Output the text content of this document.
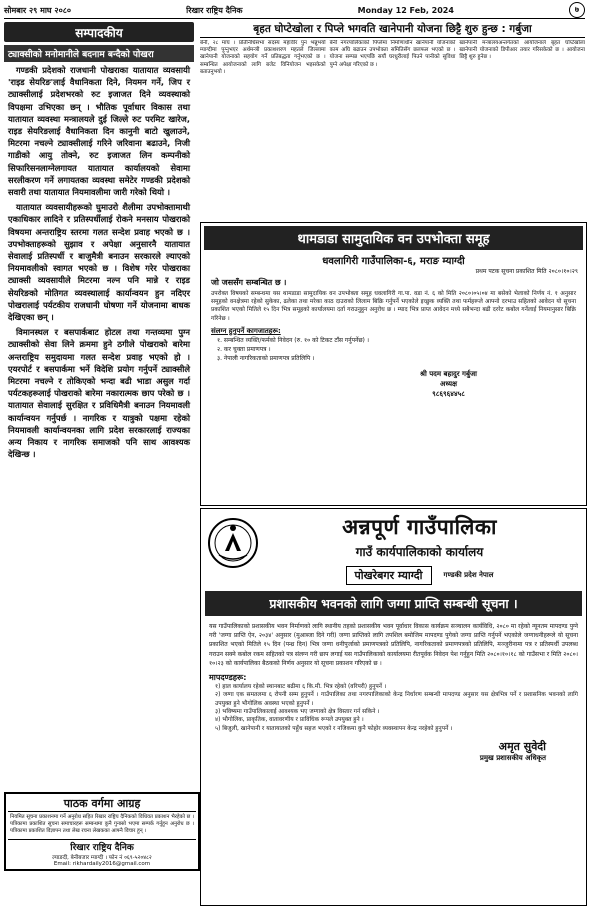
सोमबार २९ माघ २०८०	रिखार राष्ट्रिय दैनिक	Monday 12 Feb, 2024	७
सम्पादकीय
ट्याक्सीको मनोमानीले बदनाम बन्दैको पोखरा

गण्डकी प्रदेशको राजधानी पोखराका यातायात व्यवसायी 'राइड सेयरिङ'लाई वैधानिकता दिने, नियमन गर्ने, जिप र ट्याक्सीलाई प्रदेशभरको रुट इजाजत दिने व्यवस्थाको विपक्षमा उभिएका छन् । भौतिक पूर्वाधार विकास तथा यातायात व्यवस्था मन्त्रालयले दुई जिल्ले रुट परमिट खारेज, राइड सेयरिङलाई वैधानिकता दिन कानुनी बाटो खुलाउने, मिटरमा नचल्ने ट्याक्सीलाई गरिने जरिवाना बढाउने, निजी गाडीको आयु तोक्ने, रुट इजाजत लिन कम्पनीको सिफारिसनलाग्नेलगायत यातायात कार्यालयको सेवामा सरलीकरण गर्ने लगायतका व्यवस्था समेटेर गण्डकी प्रदेशको सवारी तथा यातायात नियमावलीमा जारी गरेको थियो ।

यातायात व्यवसायीहरूको घुमाउरो शैलीमा उपभोक्तामाथी एकाधिकार लादिने र प्रतिस्पर्धीलाई रोकने मनसाय पोखराको विषयमा अन्तराष्ट्रिय स्तरमा गलत सन्देश प्रवाह भएको छ । उपभोक्ताहरूको सुझाव र अपेक्षा अनुसारनै यातायात सेवालाई प्रतिस्पर्धी र बाजुमैत्री बनाउन सरकारले ल्याएको नियमावलीको स्वागत भएको छ । विशेष गरेर पोखराका ट्याक्सी व्यवसायीले मिटरमा नल्न पनि मान्ने र राइड सेयरिङको मोतिगत व्यवस्थालाई कार्यान्वयन हुन नदिएर पोखरालाई पर्यटकीय राजधानी घोषणा गर्ने योजनामा बाधक देखिएका छन् ।

विमानस्थल र बसपार्कबाट होटल तथा गन्तव्यमा पुग्न ट्याक्सीको सेवा लिने क्रममा हुने ठगीले पोखराको बारेमा अन्तराष्ट्रिय समुदायमा गलत सन्देश प्रवाह भएको हो । एयरपोर्ट र बसपार्कमा भर्ने विदेशि प्रयोग गर्नुपर्ने ट्याक्सीले मिटरमा नचल्ने र तोकिएको भन्दा बढी भाडा असुल गर्दा पर्यटकहरूलाई पोखराको बारेमा नकारात्मक छाप परेको छ । यातायात सेवालाई सुरक्षित र प्रविधिमैत्री बनाउन नियमावली कार्यान्वयन गर्नुपर्छ । नागरिक र यात्रुको पक्षमा रहेको नियमावली कार्यान्वयनका लागि प्रदेश सरकारलाई राज्यका अन्य निकाय र नागरिक समाजको पनि साथ आवश्यक देखिन्छ ।

पाठक वर्गमा आग्रह
नियमित सूचना प्रकाशनमा गर्ने अनुरोध सहित रिखार राष्ट्रिय दैनिकको विधिवत प्रकाशन भैरहेको छ । पत्रिकामा प्रकाशित सूचना समाचारहरू सम्बन्धमा कुनै गुनासो भएमा सम्पर्क गर्नुहुन अनुरोध छ । पत्रिकामा प्रकाशित विज्ञापन तथा लेख रचना लेखकका आफ्नै विचार हुन् ।
रिखार राष्ट्रिय दैनिक
ल्याङदी, बेनीबजार म्याग्दी । फोन नं ०६९-५२०४८२
Email: rikhardaily2016@gmail.com
बृहत घोप्टेखोला र पिप्ले भगवति खानेपानी योजना छिट्टै शुरु हुन्छ : गर्बुजा
बेनी, २८ माघ । प्रतिनिधिसभा सदस्य महावीर पुन भन्नुभयो म्याग्दीमा पुग्नुभएर अर्थमन्त्री प्रकाशशरण महतले जिल्लामा खानेपानी योजनाको सहयोग गर्ने प्रतिबद्धता गर्नुभएको छ । सम्बन्धित आयोजनाको लागि बजेट विनियोजन भइसकेको बताउनुभयो ।
बेनी नगरपालिकाको पिप्लेमा निर्माणाधीन खानेपानी योजनाको काम अघि बढाउन उपभोक्ता समितिसँग छलफल भएको छ । योजना सम्पन्न भएपछि सयौं घरधुरीलाई पिउने पानीको सुविधा पुग्ने अपेक्षा गरिएको छ ।
खानेपानी मन्त्रालयअन्तर्गतको आयोजनाले बृहत घोप्टेखोला खानेपानी योजनाको डिपीआर तयार गरिसकेको छ । आयोजना छिट्टै शुरु हुनेछ ।
थामडाडा सामुदायिक वन उपभोक्ता समूह
धवलागिरी गाउँपालिका-६, मराङ म्याग्दी
प्रथम पटक सूचना प्रकाशित मिति २०८०।१०।२९
जो जससँग सम्बन्धित छ ।
उपरोक्त विषयको सम्बन्धमा यस थामडाडा सामुदायिक वन उपभोक्ता समूह धवलागिरी गा.पा. वडा नं. ६ को मिति २०८०।०५।०४ मा बसेको भेलाको निर्णय नं. १ अनुसार समूहको वनक्षेत्रमा रहेको सुकेका, ढलेका तथा मरेका काठ दाउराको लिलाम बिक्रि गर्नुपर्ने भएकोले इच्छुक व्यक्ति तथा फर्महरूले आफ्नो दरभाउ सहितको आवेदन यो सूचना प्रकाशित भएको मितिले १५ दिन भित्र समूहको कार्यालयमा दर्ता गराउनुहुन अनुरोध छ । म्याद भित्र प्राप्त आवेदन मध्ये सबैभन्दा बढी दररेट कबोल गर्नेलाई नियमानुसार बिक्रि गरिनेछ ।
संलग्न हुनुपर्ने कागजातहरू:
१. सम्बन्धित व्यक्ति/फर्मको निवेदन (रु. १० को टिकट टाँस गर्नुपर्नेछ) ।
२. कर चुक्ता प्रमाणपत्र ।
३. नेपाली नागरिकताको प्रमाणपत्र प्रतिलिपि ।
श्री पदम बहादुर गर्बुजा
अध्यक्ष
९८६९६४४५८
अन्नपूर्ण गाउँपालिका
गाउँ कार्यपालिकाको कार्यालय
पोखरेबगर म्याग्दी	गण्डकी प्रदेश नेपाल
प्रशासकीय भवनको लागि जग्गा प्राप्ति सम्बन्धी सूचना ।
यस गाउँपालिकाको प्रशासकीय भवन निर्माणको लागि स्थानीय तहको प्रशासकीय भवन पूर्वाधार विकास कार्यक्रम सञ्चालन कार्यविधि, २०८० मा रहेको न्यूनतम मापदण्ड पुग्ने गरी 'जग्गा प्राप्ति ऐन, २०३४' अनुसार (मुआब्जा दिने गरी) जग्गा प्राप्तिको लागि तपशिल बमोजिम मापदण्ड पुगेको जग्गा प्राप्ति गर्नुपर्ने भएकोले जग्गाधनीहरूले यो सूचना प्रकाशित भएको मितिले १५ दिन (पन्ध्र दिन) भित्र जग्गा धनीपुर्जाको प्रमाणपत्रको प्रतिलिपि, नागरिकताको प्रमाणपत्रको प्रतिलिपि, मञ्जुरीनामा पत्र र प्रतिस्पर्धी उपलब्ध गराउन सक्ने कबोल रकम सहितको पत्र संलग्न गरी छाप लगाई यस गाउँपालिकाको कार्यालयमा रीतपूर्वक निवेदन पेश गर्नुहुन मिति २०८०।१०।१८ को गाउँसभा र मिति २०८०।१०।२३ को कार्यपालिका बैठकको निर्णय अनुसार यो सूचना प्रकाशन गरिएको छ ।
मापदण्डहरू:
१) हाल कार्यालय रहेको स्थानबाट बढीमा ६ कि.मी. भित्र रहेको (वरिपरी) हुनुपर्ने ।
२) जग्गा एक समतलमा ६ रोपनी सम्म हुनुपर्ने । गाउँपालिका तथा नगरपालिकाको केन्द्र निर्धारण सम्बन्धी मापदण्ड अनुसार यस क्षेत्रभित्र पर्ने र प्रशासनिक भवनको लागि उपयुक्त हुने भौगोलिक अवस्था भएको हुनुपर्ने ।
३) भविष्यमा गाउँपालिकालाई आवश्यक भए जग्गाको क्षेत्र विस्तार गर्न सकिने ।
४) भौगोलिक, प्राकृतिक, वातावरणीय र प्राविधिक रूपले उपयुक्त हुने ।
५) बिजुली, खानेपानी र यातायातको पहुँच सहज भएको र नजिकमा कुनै फोहोर व्यवस्थापन केन्द्र नरहेको हुनुपर्ने ।
अमृत सुवेदी
प्रमुख प्रशासकीय अधिकृत
